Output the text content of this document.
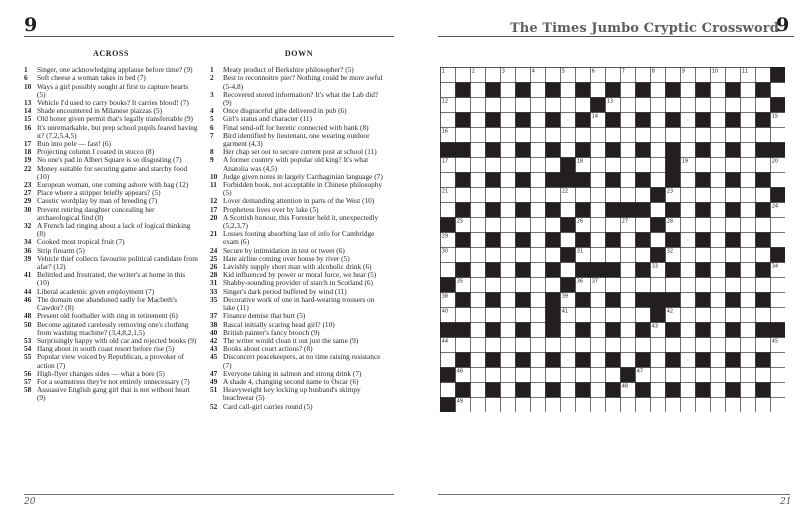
9
ACROSS
1 Singer, one acknowledging applause before time? (9)
6 Soft cheese a woman takes in bed (7)
10 Ways a girl possibly sought at first to capture hearts (5)
13 Vehicle I'd used to carry books? It carries blood! (7)
14 Shade encountered in Milanese piazzas (5)
15 Old boner given permit that's legally transferrable (9)
16 It's unremarkable, but prep school pupils feared having it? (7,2,5,4,5)
17 Run into pole — fast! (6)
18 Projecting column I coated in stucco (8)
19 No one's pad in Albert Square is so disgusting (7)
22 Money suitable for securing game and starchy food (10)
23 European woman, one coming ashore with bag (12)
27 Place where a stripper briefly appears? (5)
29 Caustic wordplay by man of breeding (7)
30 Prevent retiring daughter concealing her archaeological find (8)
32 A French lad ringing about a lack of logical thinking (8)
34 Cooked most tropical fruit (7)
36 Strip firearm (5)
39 Vehicle thief collects favourite political candidate from afar? (12)
41 Belittled and frustrated, the writer's at home in this (10)
44 Liberal academic given employment (7)
46 The domain one abandoned sadly for Macbeth's Cawdor? (8)
48 Present old footballer with ring in retirement (6)
50 Become agitated carelessly removing one's clothing from washing machine? (3,4,8,2,1,5)
53 Surprisingly happy with old car and rejected books (9)
54 Hang about in south coast resort before rise (5)
55 Popular view voiced by Republican, a provoker of action (7)
56 High-flyer changes sides — what a bore (5)
57 For a seamstress they're not entirely unnecessary (7)
58 Assuasive English gang girl that is not without heart (9)
DOWN
1 Meaty product of Berkshire philosopher? (5)
2 Best to reconnoitre pier? Nothing could be more awful (5-4,8)
3 Recovered stored information? It's what the Lab did? (9)
4 Once disgraceful gibe delivered in pub (6)
5 Girl's status and character (11)
6 Final send-off for heretic connected with bank (8)
7 Bird identified by lieutenant, one wearing outdoor garment (4,3)
8 Her chap set out to secure current post at school (11)
9 A former country with popular old king? It's what Anatolia was (4,5)
10 Judge given notes in largely Carthaginian language (7)
11 Forbidden book, not acceptable in Chinese philosophy (5)
12 Lover demanding attention in parts of the West (10)
17 Prophetess lives over by lake (5)
20 A Scottish honour, this Forester held it, unexpectedly (5,2,3,7)
21 Losses footing absorbing last of info for Cambridge exam (6)
24 Secure by intimidation in test or tweet (6)
25 Hate airline coming over house by river (5)
26 Lavishly supply short man with alcoholic drink (6)
28 Kid influenced by power or moral force, we hear (5)
31 Shabby-sounding provider of starch in Scotland (6)
33 Singer's dark period buffeted by wind (11)
35 Decorative work of one in hard-wearing trousers on lake (11)
37 Finance demise that hurt (5)
38 Rascal initially scaring head girl? (10)
40 British painter's fancy brooch (9)
42 The writer would clean it out just the same (9)
43 Books about court actions? (8)
45 Disconcert peacekeepers, at no time raising resistance (7)
47 Everyone taking in salmon and strong drink (7)
49 A shade 4, changing second name to Oscar (6)
51 Heavyweight key locking up husband's skimpy beachwear (5)
52 Card call-girl carries round (5)
20
The Times Jumbo Cryptic Crossword
9
1	2	3	4	5	6	7	8	9	10	11
12	13
14	15
16
17	18	19	20
21	22	23
24
25	26	27	28
29
30	31	32
33	34
35	36 37
38	39
40	41	42
43
44	45
46	47
48
49
21
